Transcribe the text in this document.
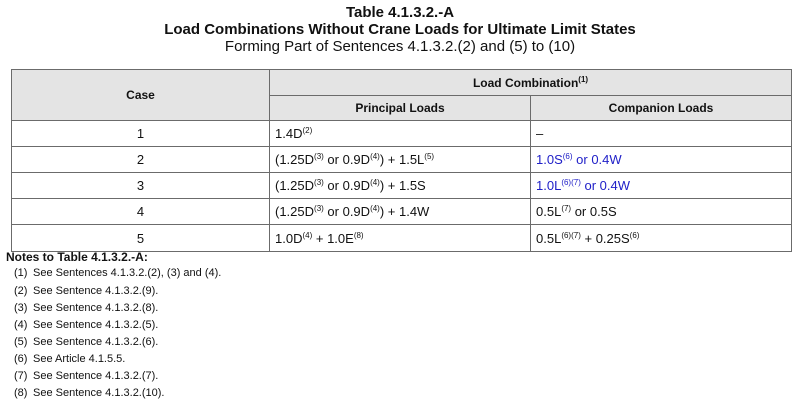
Table 4.1.3.2.-A
Load Combinations Without Crane Loads for Ultimate Limit States
Forming Part of Sentences 4.1.3.2.(2) and (5) to (10)
Case	Load Combination$^{(1)}$
	Principal Loads	Companion Loads
1	$1.4D^{(2)}$	–
2	($1.25D^{(3)}$ or $0.9D^{(4)}) + 1.5L^{(5)}$	$1.0S^{(6)}$ or 0.4W
3	($1.25D^{(3)}$ or $0.9D^{(4)}) + 1.5S$	$1.0L^{(6)(7)}$ or 0.4W
4	($1.25D^{(3)}$ or $0.9D^{(4)}) + 1.4W$	$0.5L^{(7)}$ or 0.5S
5	$1.0D^{(4)} + 1.0E^{(8)}$	$0.5L^{(6)(7)} + 0.25S^{(6)}$
Notes to Table 4.1.3.2.-A:
(1) See Sentences 4.1.3.2.(2), (3) and (4).
(2) See Sentence 4.1.3.2.(9).
(3) See Sentence 4.1.3.2.(8).
(4) See Sentence 4.1.3.2.(5).
(5) See Sentence 4.1.3.2.(6).
(6) See Article 4.1.5.5.
(7) See Sentence 4.1.3.2.(7).
(8) See Sentence 4.1.3.2.(10).
